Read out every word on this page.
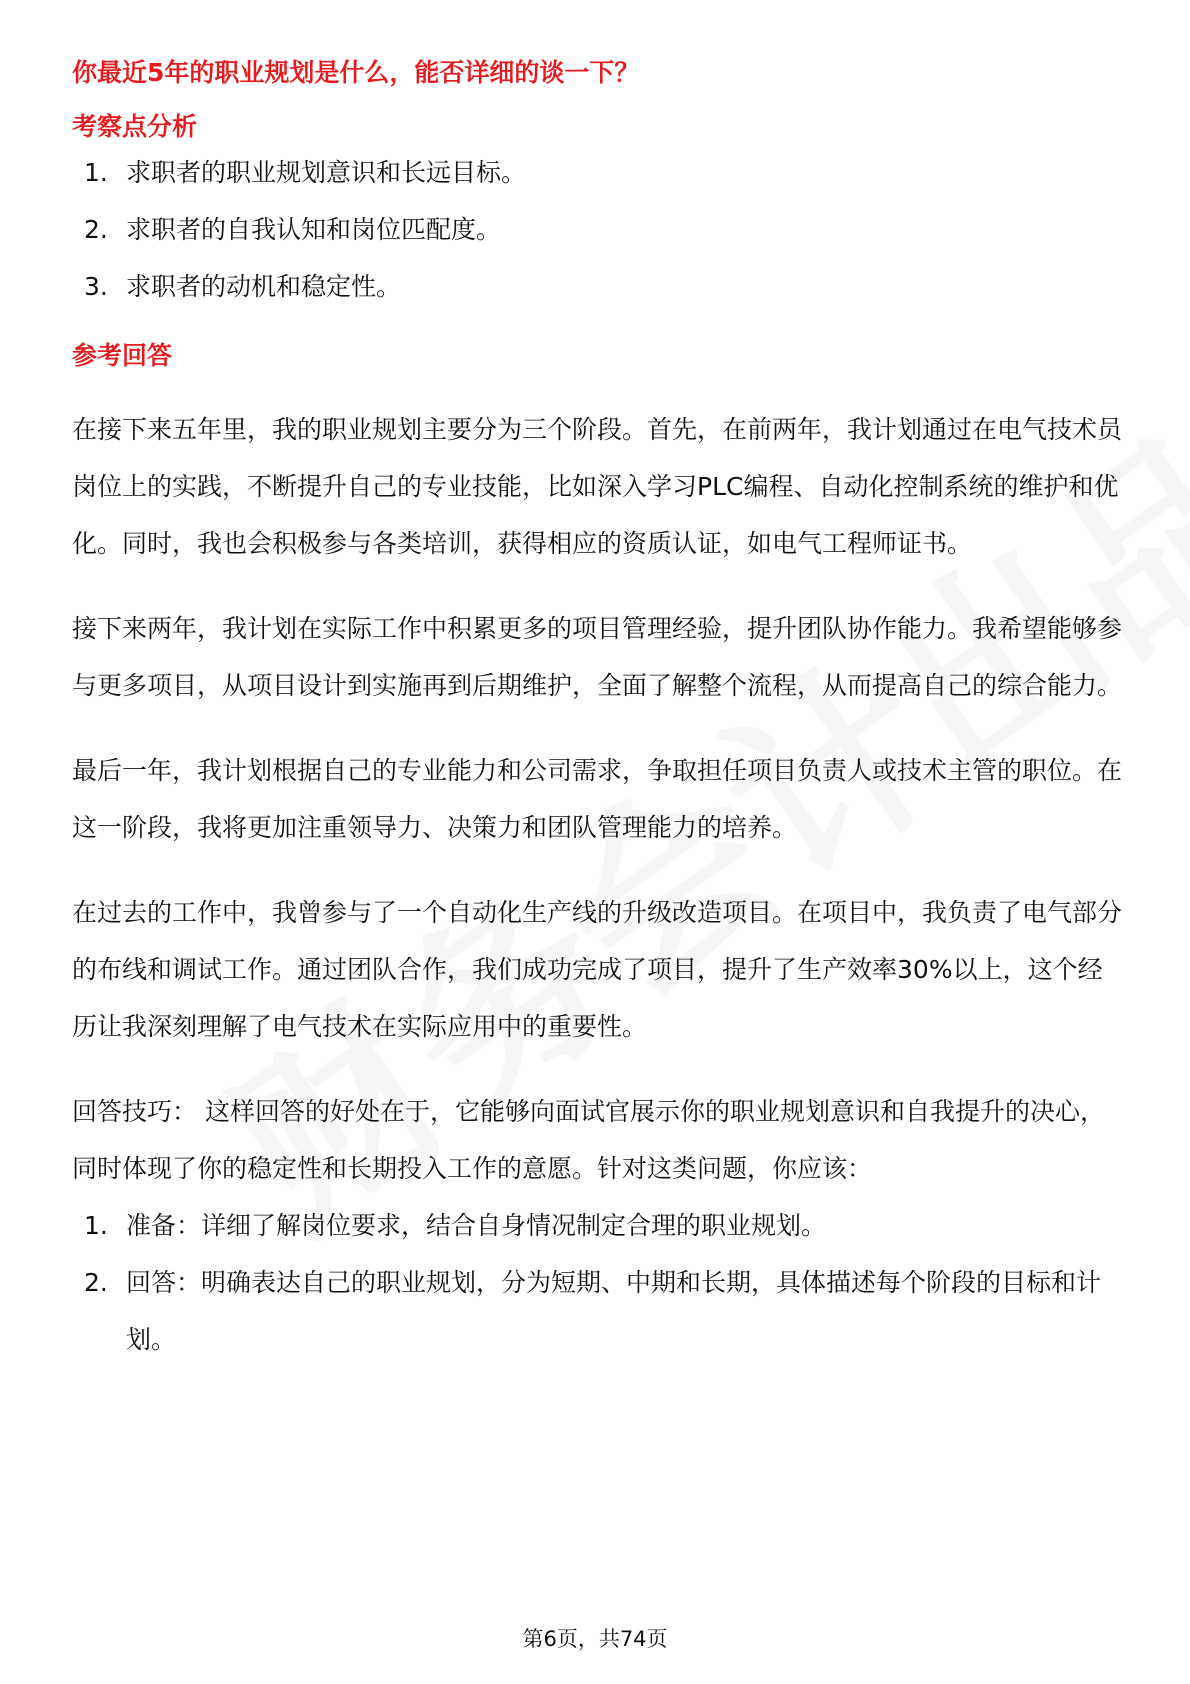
你最近5年的职业规划是什么，能否详细的谈一下？
考察点分析
1. 求职者的职业规划意识和长远目标。
2. 求职者的自我认知和岗位匹配度。
3. 求职者的动机和稳定性。
参考回答

在接下来五年里，我的职业规划主要分为三个阶段。首先，在前两年，我计划通过在电气技术员岗位上的实践，不断提升自己的专业技能，比如深入学习PLC编程、自动化控制系统的维护和优化。同时，我也会积极参与各类培训，获得相应的资质认证，如电气工程师证书。

接下来两年，我计划在实际工作中积累更多的项目管理经验，提升团队协作能力。我希望能够参与更多项目，从项目设计到实施再到后期维护，全面了解整个流程，从而提高自己的综合能力。

最后一年，我计划根据自己的专业能力和公司需求，争取担任项目负责人或技术主管的职位。在这一阶段，我将更加注重领导力、决策力和团队管理能力的培养。

在过去的工作中，我曾参与了一个自动化生产线的升级改造项目。在项目中，我负责了电气部分的布线和调试工作。通过团队合作，我们成功完成了项目，提升了生产效率30%以上，这个经历让我深刻理解了电气技术在实际应用中的重要性。

回答技巧： 这样回答的好处在于，它能够向面试官展示你的职业规划意识和自我提升的决心，同时体现了你的稳定性和长期投入工作的意愿。针对这类问题，你应该：

1. 准备：详细了解岗位要求，结合自身情况制定合理的职业规划。
2. 回答：明确表达自己的职业规划，分为短期、中期和长期，具体描述每个阶段的目标和计划。
第6页，共74页
